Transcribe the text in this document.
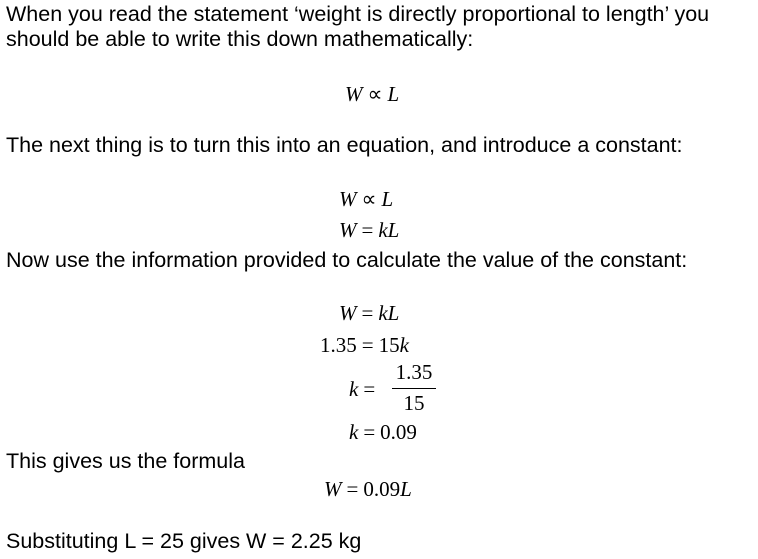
When you read the statement ‘weight is directly proportional to length’ you

should be able to write this down mathematically:

W ∝ L

The next thing is to turn this into an equation, and introduce a constant:

W ∝ L
W = kL

Now use the information provided to calculate the value of the constant:

W = kL
1.35 = 15k
k =
1.35
15
k = 0.09

This gives us the formula

W = 0.09L

Substituting L = 25 gives W = 2.25 kg
